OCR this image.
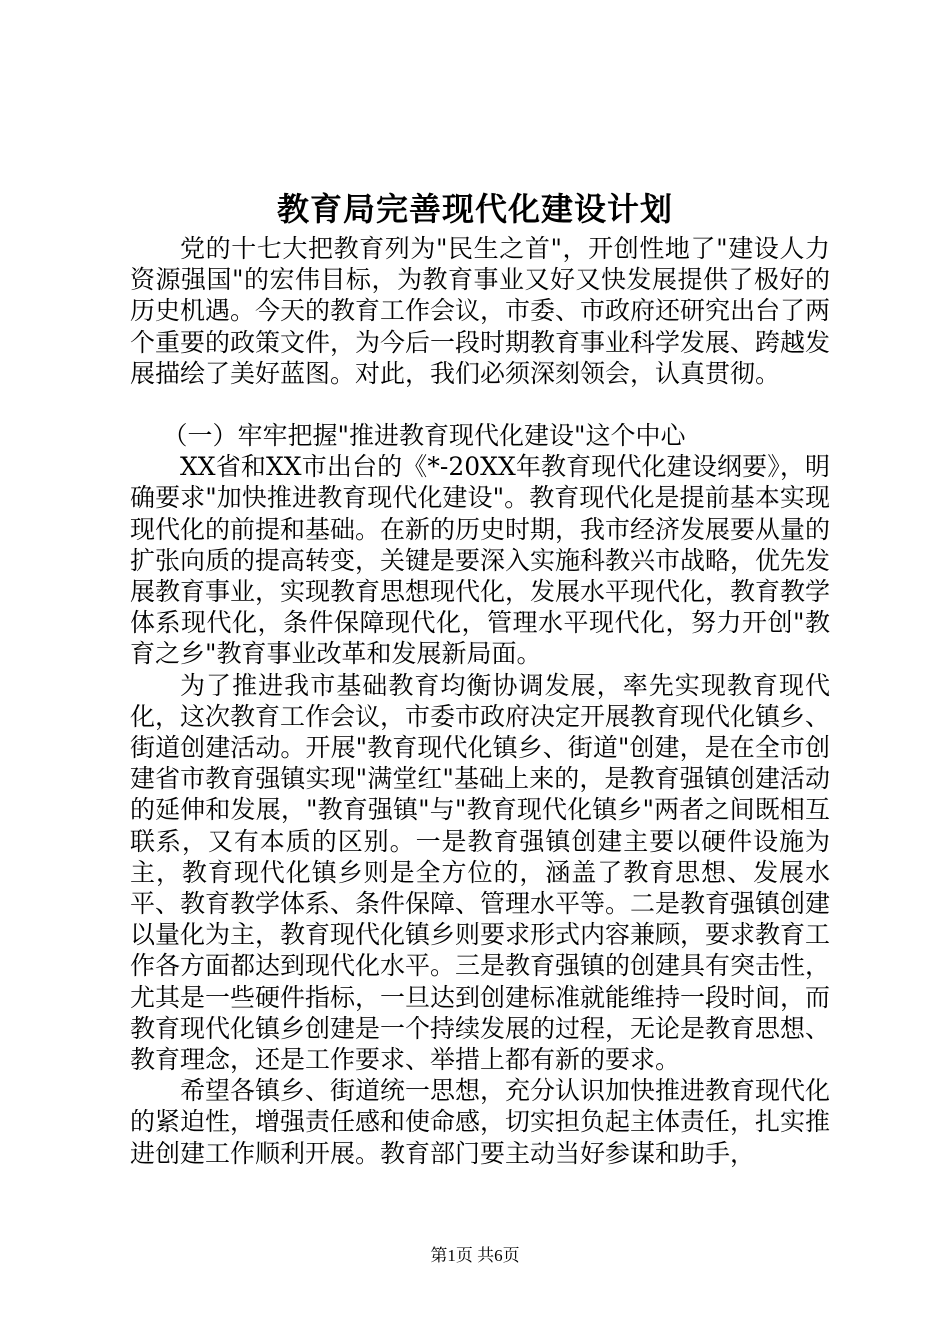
教育局完善现代化建设计划

党的十七大把教育列为"民生之首"，开创性地了"建设人力资源强国"的宏伟目标，为教育事业又好又快发展提供了极好的历史机遇。今天的教育工作会议，市委、市政府还研究出台了两个重要的政策文件，为今后一段时期教育事业科学发展、跨越发展描绘了美好蓝图。对此，我们必须深刻领会，认真贯彻。

（一）牢牢把握"推进教育现代化建设"这个中心

XX省和XX市出台的《*-20XX年教育现代化建设纲要》，明确要求"加快推进教育现代化建设"。教育现代化是提前基本实现现代化的前提和基础。在新的历史时期，我市经济发展要从量的扩张向质的提高转变，关键是要深入实施科教兴市战略，优先发展教育事业，实现教育思想现代化，发展水平现代化，教育教学体系现代化，条件保障现代化，管理水平现代化，努力开创"教育之乡"教育事业改革和发展新局面。

为了推进我市基础教育均衡协调发展，率先实现教育现代化，这次教育工作会议，市委市政府决定开展教育现代化镇乡、街道创建活动。开展"教育现代化镇乡、街道"创建，是在全市创建省市教育强镇实现"满堂红"基础上来的，是教育强镇创建活动的延伸和发展，"教育强镇"与"教育现代化镇乡"两者之间既相互联系，又有本质的区别。一是教育强镇创建主要以硬件设施为主，教育现代化镇乡则是全方位的，涵盖了教育思想、发展水平、教育教学体系、条件保障、管理水平等。二是教育强镇创建以量化为主，教育现代化镇乡则要求形式内容兼顾，要求教育工作各方面都达到现代化水平。三是教育强镇的创建具有突击性，尤其是一些硬件指标，一旦达到创建标准就能维持一段时间，而教育现代化镇乡创建是一个持续发展的过程，无论是教育思想、教育理念，还是工作要求、举措上都有新的要求。

希望各镇乡、街道统一思想，充分认识加快推进教育现代化的紧迫性，增强责任感和使命感，切实担负起主体责任，扎实推进创建工作顺利开展。教育部门要主动当好参谋和助手，

第1页 共6页
